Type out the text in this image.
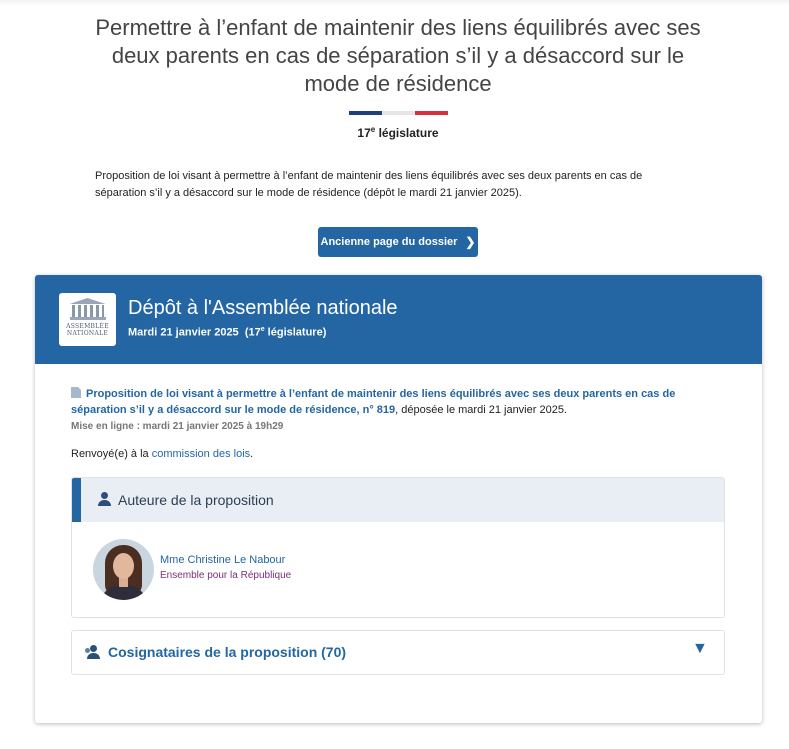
Permettre à l’enfant de maintenir des liens équilibrés avec ses deux parents en cas de séparation s’il y a désaccord sur le mode de résidence
17e législature

Proposition de loi visant à permettre à l’enfant de maintenir des liens équilibrés avec ses deux parents en cas de séparation s’il y a désaccord sur le mode de résidence (dépôt le mardi 21 janvier 2025).

Ancienne page du dossier ❯
ASSEMBLÉE
NATIONALE
Dépôt à l'Assemblée nationale
Mardi 21 janvier 2025 (17e législature)
Proposition de loi visant à permettre à l’enfant de maintenir des liens équilibrés avec ses deux parents en cas de séparation s’il y a désaccord sur le mode de résidence, n° 819, déposée le mardi 21 janvier 2025.
Mise en ligne : mardi 21 janvier 2025 à 19h29
Renvoyé(e) à la commission des lois.
Auteure de la proposition
Mme Christine Le Nabour
Ensemble pour la République
Cosignataires de la proposition (70)	▼
